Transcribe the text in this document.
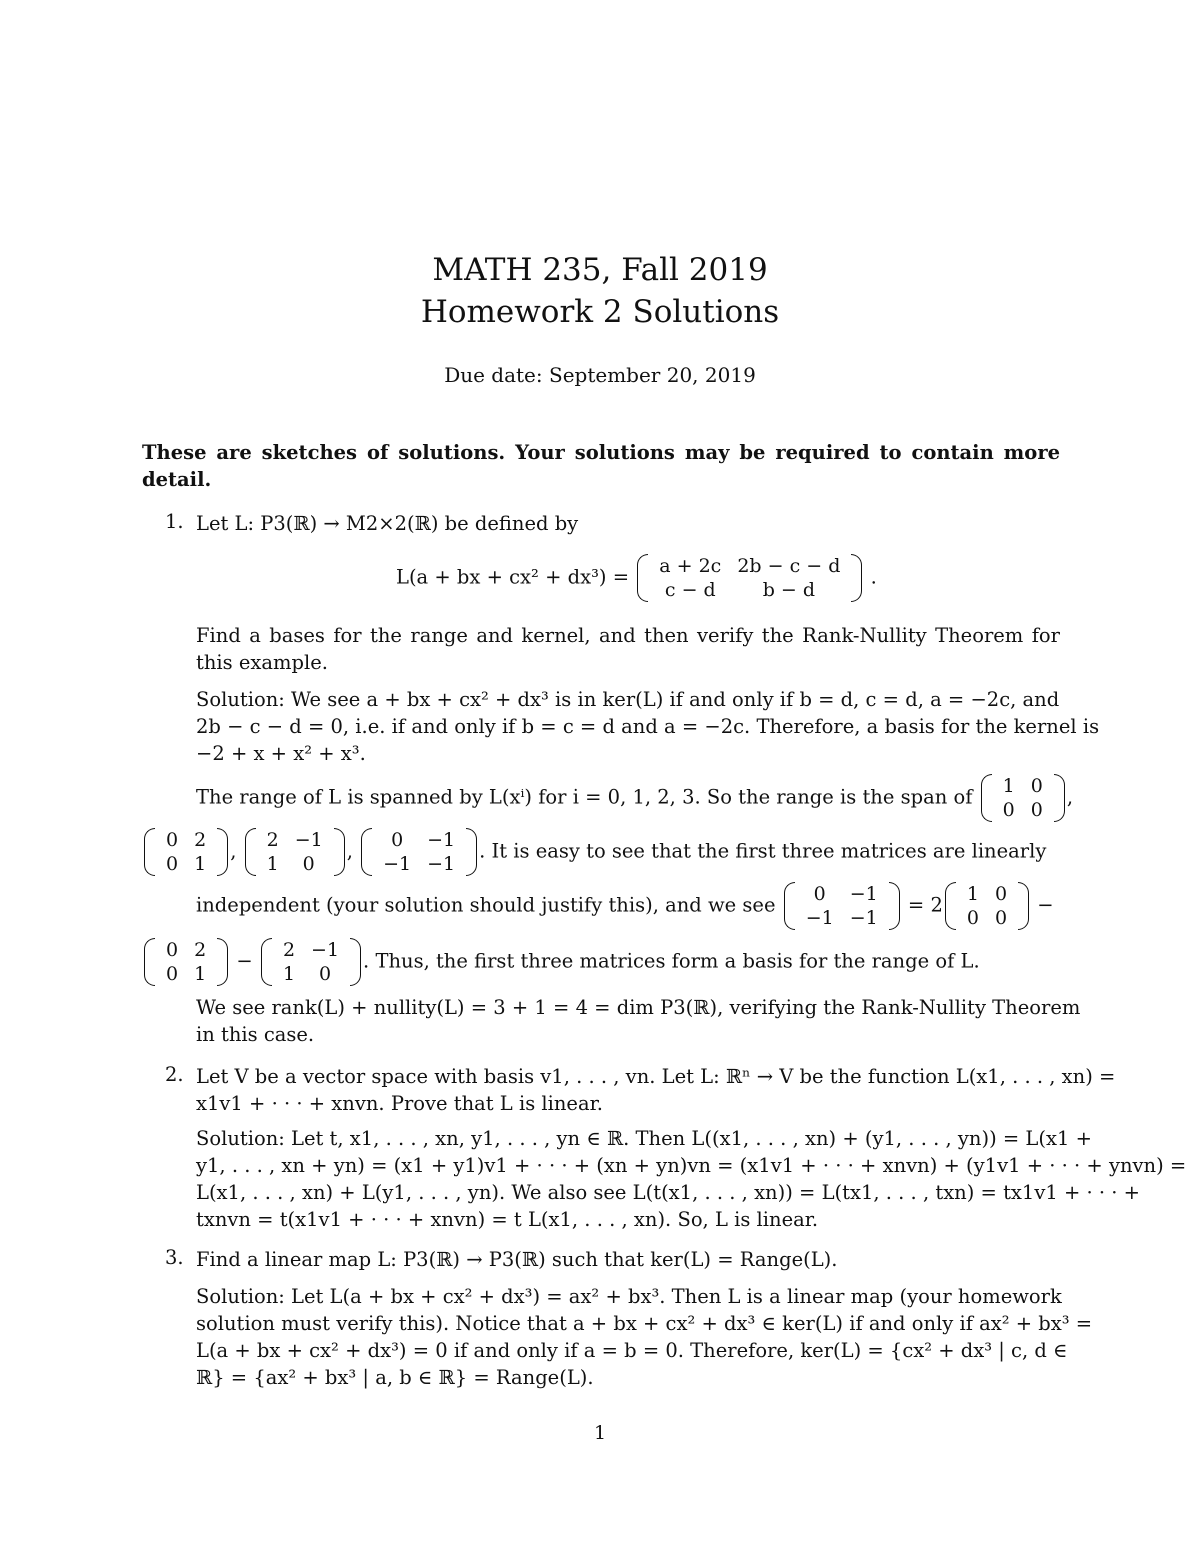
MATH 235, Fall 2019
Homework 2 Solutions
Due date: September 20, 2019
These are sketches of solutions. Your solutions may be required to contain more detail.
1. Let L: P3(ℝ) → M2×2(ℝ) be defined by
L(a + bx + cx² + dx³) = a + 2c	2b − c − d
c − d	b − d
.
Find a bases for the range and kernel, and then verify the Rank-Nullity Theorem for this example.
Solution: We see a + bx + cx² + dx³ is in ker(L) if and only if b = d, c = d, a = −2c, and
2b − c − d = 0, i.e. if and only if b = c = d and a = −2c. Therefore, a basis for the kernel is
−2 + x + x² + x³.
The range of L is spanned by L(xⁱ) for i = 0, 1, 2, 3. So the range is the span of 1	0
0	0
,
0	2
0	1
, 2	−1
1	0
, 0	−1
−1	−1
. It is easy to see that the first three matrices are linearly
independent (your solution should justify this), and we see 0	−1
−1	−1
= 2 1	0
0	0
−
0	2
0	1
− 2	−1
1	0
. Thus, the first three matrices form a basis for the range of L.
We see rank(L) + nullity(L) = 3 + 1 = 4 = dim P3(ℝ), verifying the Rank-Nullity Theorem
in this case.
2. Let V be a vector space with basis v1, . . . , vn. Let L: ℝⁿ → V be the function L(x1, . . . , xn) =
x1v1 + · · · + xnvn. Prove that L is linear.
Solution: Let t, x1, . . . , xn, y1, . . . , yn ∈ ℝ. Then L((x1, . . . , xn) + (y1, . . . , yn)) = L(x1 +
y1, . . . , xn + yn) = (x1 + y1)v1 + · · · + (xn + yn)vn = (x1v1 + · · · + xnvn) + (y1v1 + · · · + ynvn) =
L(x1, . . . , xn) + L(y1, . . . , yn). We also see L(t(x1, . . . , xn)) = L(tx1, . . . , txn) = tx1v1 + · · · +
txnvn = t(x1v1 + · · · + xnvn) = t L(x1, . . . , xn). So, L is linear.
3. Find a linear map L: P3(ℝ) → P3(ℝ) such that ker(L) = Range(L).
Solution: Let L(a + bx + cx² + dx³) = ax² + bx³. Then L is a linear map (your homework
solution must verify this). Notice that a + bx + cx² + dx³ ∈ ker(L) if and only if ax² + bx³ =
L(a + bx + cx² + dx³) = 0 if and only if a = b = 0. Therefore, ker(L) = {cx² + dx³ | c, d ∈
ℝ} = {ax² + bx³ | a, b ∈ ℝ} = Range(L).
1
